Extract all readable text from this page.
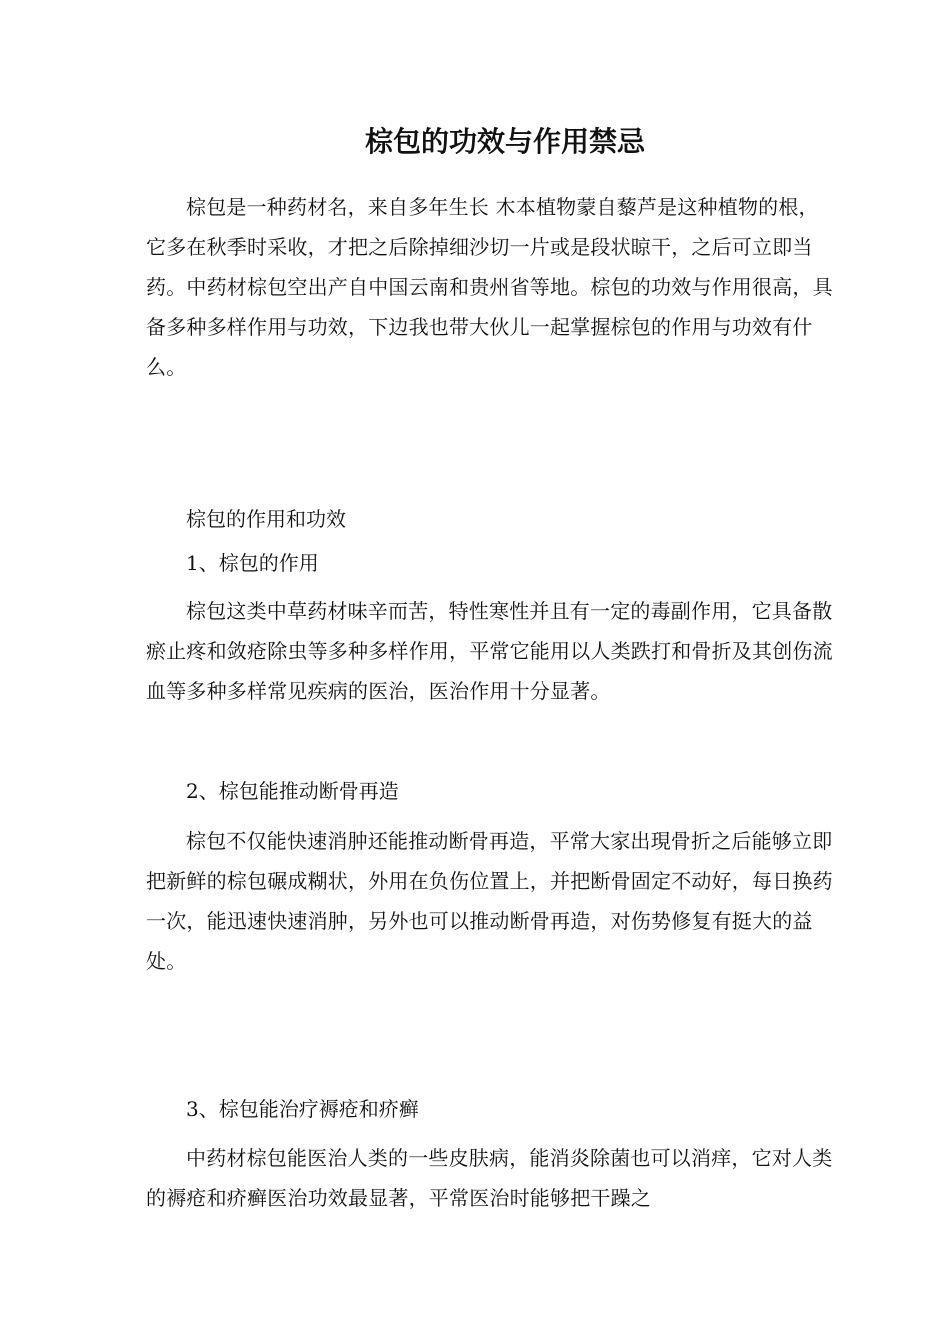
棕包的功效与作用禁忌

棕包是一种药材名，来自多年生长 木本植物蒙自藜芦是这种植物的根，它多在秋季时采收，才把之后除掉细沙切一片或是段状晾干，之后可立即当药。中药材棕包空出产自中国云南和贵州省等地。棕包的功效与作用很高，具备多种多样作用与功效，下边我也带大伙儿一起掌握棕包的作用与功效有什么。

棕包的作用和功效

1、棕包的作用

棕包这类中草药材味辛而苦，特性寒性并且有一定的毒副作用，它具备散瘀止疼和敛疮除虫等多种多样作用，平常它能用以人类跌打和骨折及其创伤流血等多种多样常见疾病的医治，医治作用十分显著。

2、棕包能推动断骨再造

棕包不仅能快速消肿还能推动断骨再造，平常大家出現骨折之后能够立即把新鲜的棕包碾成糊状，外用在负伤位置上，并把断骨固定不动好，每日换药一次，能迅速快速消肿，另外也可以推动断骨再造，对伤势修复有挺大的益处。

3、棕包能治疗褥疮和疥癣

中药材棕包能医治人类的一些皮肤病，能消炎除菌也可以消痒，它对人类的褥疮和疥癣医治功效最显著，平常医治时能够把干躁之
